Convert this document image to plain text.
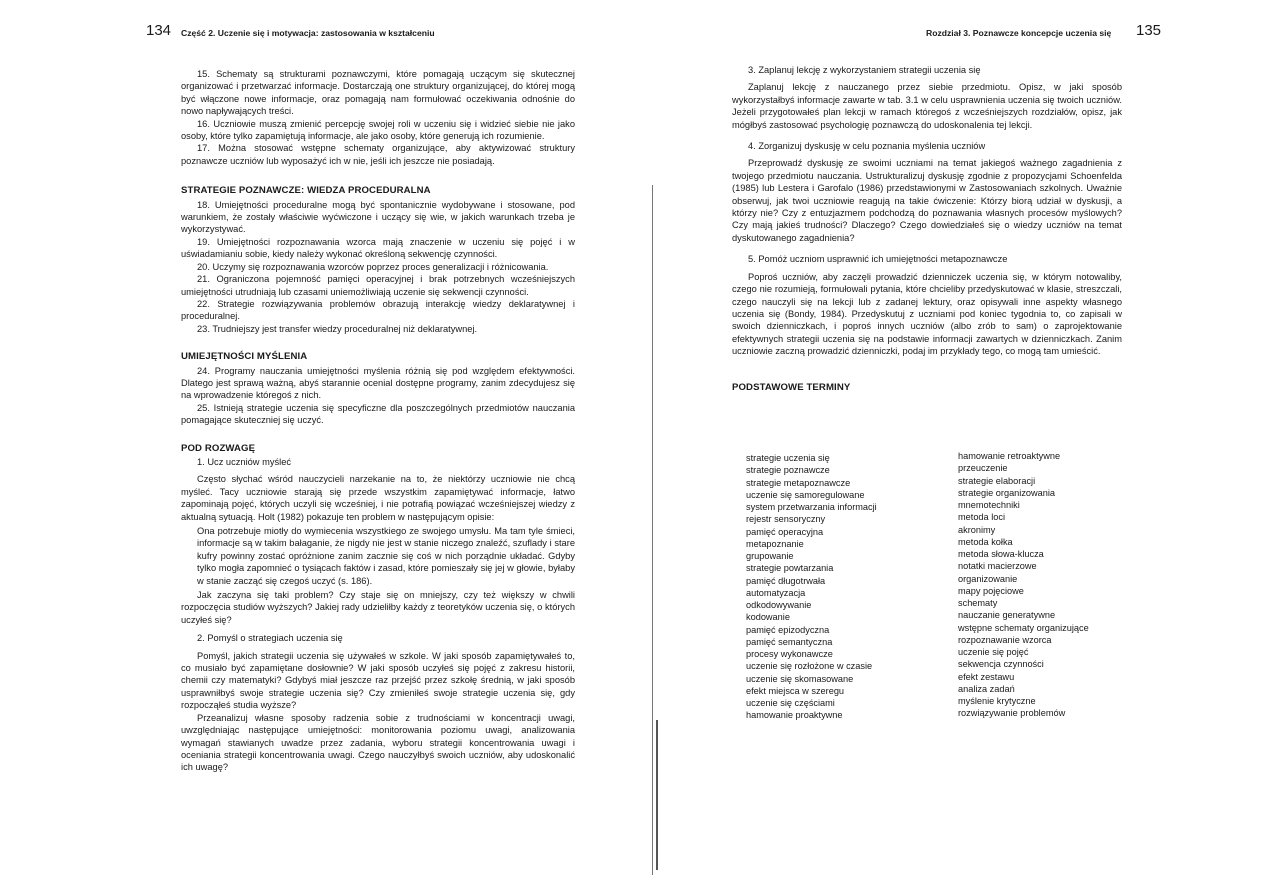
134 Część 2. Uczenie się i motywacja: zastosowania w kształceniu

15. Schematy są strukturami poznawczymi, które pomagają uczącym się skutecznej organizować i przetwarzać informacje. Dostarczają one struktury organizującej, do której mogą być włączone nowe informacje, oraz pomagają nam formułować oczekiwania odnośnie do nowo napływających treści.

16. Uczniowie muszą zmienić percepcję swojej roli w uczeniu się i widzieć siebie nie jako osoby, które tylko zapamiętują informacje, ale jako osoby, które generują ich rozumienie.

17. Można stosować wstępne schematy organizujące, aby aktywizować struktury poznawcze uczniów lub wyposażyć ich w nie, jeśli ich jeszcze nie posiadają.

STRATEGIE POZNAWCZE: WIEDZA PROCEDURALNA

18. Umiejętności proceduralne mogą być spontanicznie wydobywane i stosowane, pod warunkiem, że zostały właściwie wyćwiczone i uczący się wie, w jakich warunkach trzeba je wykorzystywać.

19. Umiejętności rozpoznawania wzorca mają znaczenie w uczeniu się pojęć i w uświadamianiu sobie, kiedy należy wykonać określoną sekwencję czynności.

20. Uczymy się rozpoznawania wzorców poprzez proces generalizacji i różnicowania.

21. Ograniczona pojemność pamięci operacyjnej i brak potrzebnych wcześniejszych umiejętności utrudniają lub czasami uniemożliwiają uczenie się sekwencji czynności.

22. Strategie rozwiązywania problemów obrazują interakcję wiedzy deklaratywnej i proceduralnej.

23. Trudniejszy jest transfer wiedzy proceduralnej niż deklaratywnej.

UMIEJĘTNOŚCI MYŚLENIA

24. Programy nauczania umiejętności myślenia różnią się pod względem efektywności. Dlatego jest sprawą ważną, abyś starannie ocenial dostępne programy, zanim zdecydujesz się na wprowadzenie któregoś z nich.

25. Istnieją strategie uczenia się specyficzne dla poszczególnych przedmiotów nauczania pomagające skuteczniej się uczyć.

POD ROZWAGĘ

1. Ucz uczniów myśleć

Często słychać wśród nauczycieli narzekanie na to, że niektórzy uczniowie nie chcą myśleć. Tacy uczniowie starają się przede wszystkim zapamiętywać informacje, łatwo zapominają pojęć, których uczyli się wcześniej, i nie potrafią powiązać wcześniejszej wiedzy z aktualną sytuacją. Holt (1982) pokazuje ten problem w następującym opisie:

Ona potrzebuje miotły do wymiecenia wszystkiego ze swojego umysłu. Ma tam tyle śmieci, informacje są w takim bałaganie, że nigdy nie jest w stanie niczego znaleźć, szuflady i stare kufry powinny zostać opróżnione zanim zacznie się coś w nich porządnie układać. Gdyby tylko mogła zapomnieć o tysiącach faktów i zasad, które pomieszały się jej w głowie, byłaby w stanie zacząć się czegoś uczyć (s. 186).

Jak zaczyna się taki problem? Czy staje się on mniejszy, czy też większy w chwili rozpoczęcia studiów wyższych? Jakiej rady udzieliłby każdy z teoretyków uczenia się, o których uczyłeś się?

2. Pomyśl o strategiach uczenia się

Pomyśl, jakich strategii uczenia się używałeś w szkole. W jaki sposób zapamiętywałeś to, co musiało być zapamiętane dosłownie? W jaki sposób uczyłeś się pojęć z zakresu historii, chemii czy matematyki? Gdybyś miał jeszcze raz przejść przez szkołę średnią, w jaki sposób usprawniłbyś swoje strategie uczenia się? Czy zmieniłeś swoje strategie uczenia się, gdy rozpocząłeś studia wyższe?

Przeanalizuj własne sposoby radzenia sobie z trudnościami w koncentracji uwagi, uwzględniając następujące umiejętności: monitorowania poziomu uwagi, analizowania wymagań stawianych uwadze przez zadania, wyboru strategii koncentrowania uwagi i oceniania strategii koncentrowania uwagi. Czego nauczyłbyś swoich uczniów, aby udoskonalić ich uwagę?

Rozdział 3. Poznawcze koncepcje uczenia się 135

3. Zaplanuj lekcję z wykorzystaniem strategii uczenia się

Zaplanuj lekcję z nauczanego przez siebie przedmiotu. Opisz, w jaki sposób wykorzystałbyś informacje zawarte w tab. 3.1 w celu usprawnienia uczenia się twoich uczniów. Jeżeli przygotowałeś plan lekcji w ramach któregoś z wcześniejszych rozdziałów, opisz, jak mógłbyś zastosować psychologię poznawczą do udoskonalenia tej lekcji.

4. Zorganizuj dyskusję w celu poznania myślenia uczniów

Przeprowadź dyskusję ze swoimi uczniami na temat jakiegoś ważnego zagadnienia z twojego przedmiotu nauczania. Ustrukturalizuj dyskusję zgodnie z propozycjami Schoenfelda (1985) lub Lestera i Garofalo (1986) przedstawionymi w Zastosowaniach szkolnych. Uważnie obserwuj, jak twoi uczniowie reagują na takie ćwiczenie: Którzy biorą udział w dyskusji, a którzy nie? Czy z entuzjazmem podchodzą do poznawania własnych procesów myślowych? Czy mają jakieś trudności? Dlaczego? Czego dowiedziałeś się o wiedzy uczniów na temat dyskutowanego zagadnienia?

5. Pomóż uczniom usprawnić ich umiejętności metapoznawcze

Poproś uczniów, aby zaczęli prowadzić dzienniczek uczenia się, w którym notowaliby, czego nie rozumieją, formułowali pytania, które chcieliby przedyskutować w klasie, streszczali, czego nauczyli się na lekcji lub z zadanej lektury, oraz opisywali inne aspekty własnego uczenia się (Bondy, 1984). Przedyskutuj z uczniami pod koniec tygodnia to, co zapisali w swoich dzienniczkach, i poproś innych uczniów (albo zrób to sam) o zaprojektowanie efektywnych strategii uczenia się na podstawie informacji zawartych w dzienniczkach. Zanim uczniowie zaczną prowadzić dzienniczki, podaj im przykłady tego, co mogą tam umieścić.

PODSTAWOWE TERMINY
strategie uczenia się
strategie poznawcze
strategie metapoznawcze
uczenie się samoregulowane
system przetwarzania informacji
rejestr sensoryczny
pamięć operacyjna
metapoznanie
grupowanie
strategie powtarzania
pamięć długotrwała
automatyzacja
odkodowywanie
kodowanie
pamięć epizodyczna
pamięć semantyczna
procesy wykonawcze
uczenie się rozłożone w czasie
uczenie się skomasowane
efekt miejsca w szeregu
uczenie się częściami
hamowanie proaktywne
hamowanie retroaktywne
przeuczenie
strategie elaboracji
strategie organizowania
mnemotechniki
metoda loci
akronimy
metoda kołka
metoda słowa-klucza
notatki macierzowe
organizowanie
mapy pojęciowe
schematy
nauczanie generatywne
wstępne schematy organizujące
rozpoznawanie wzorca
uczenie się pojęć
sekwencja czynności
efekt zestawu
analiza zadań
myślenie krytyczne
rozwiązywanie problemów
